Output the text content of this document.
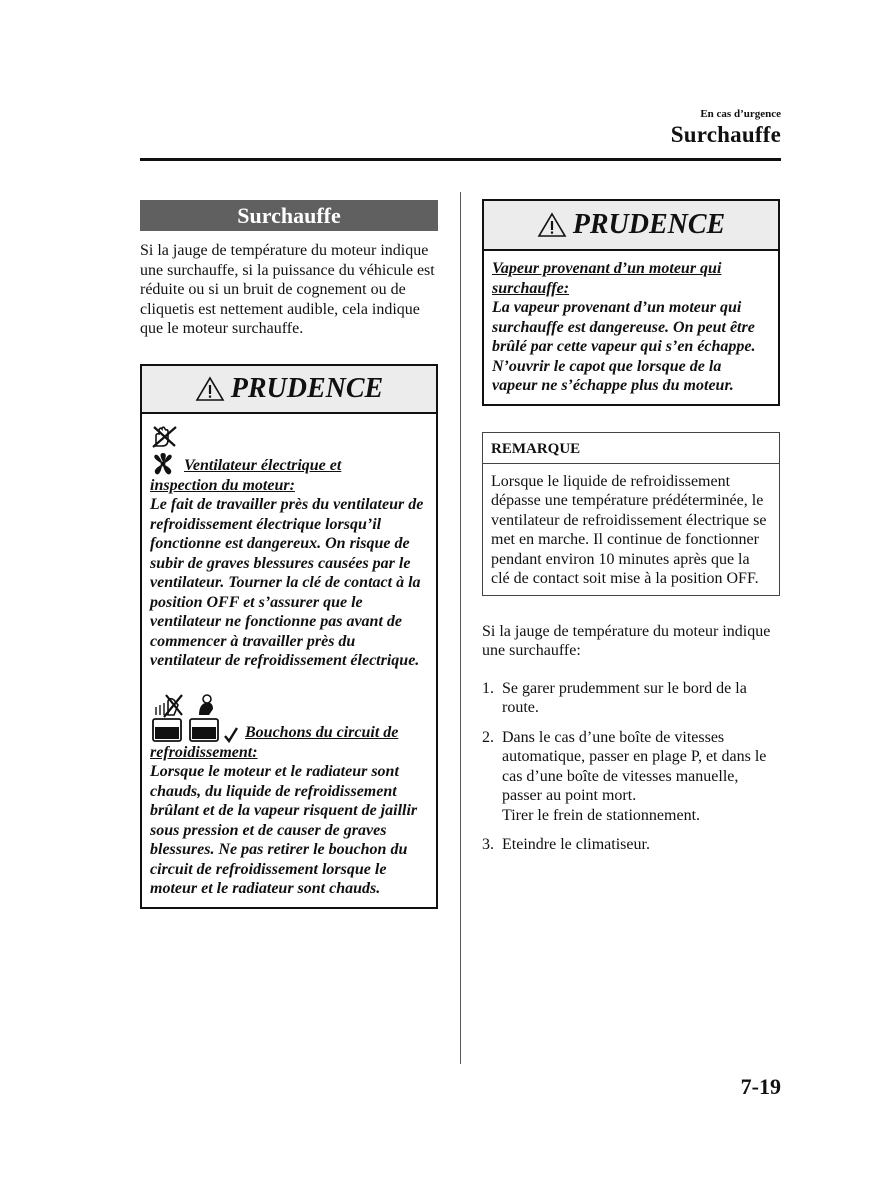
En cas d’urgence
Surchauffe
Surchauffe

Si la jauge de température du moteur indique une surchauffe, si la puissance du véhicule est réduite ou si un bruit de cognement ou de cliquetis est nettement audible, cela indique que le moteur surchauffe.

PRUDENCE
Ventilateur électrique et
inspection du moteur:
Le fait de travailler près du ventilateur de refroidissement électrique lorsqu’il fonctionne est dangereux. On risque de subir de graves blessures causées par le ventilateur. Tourner la clé de contact à la position OFF et s’assurer que le ventilateur ne fonctionne pas avant de commencer à travailler près du ventilateur de refroidissement électrique.
Bouchons du circuit de
refroidissement:
Lorsque le moteur et le radiateur sont chauds, du liquide de refroidissement brûlant et de la vapeur risquent de jaillir sous pression et de causer de graves blessures. Ne pas retirer le bouchon du circuit de refroidissement lorsque le moteur et le radiateur sont chauds.
PRUDENCE
Vapeur provenant d’un moteur qui surchauffe:
La vapeur provenant d’un moteur qui surchauffe est dangereuse. On peut être brûlé par cette vapeur qui s’en échappe. N’ouvrir le capot que lorsque de la vapeur ne s’échappe plus du moteur.
REMARQUE
Lorsque le liquide de refroidissement dépasse une température prédéterminée, le ventilateur de refroidissement électrique se met en marche. Il continue de fonctionner pendant environ 10 minutes après que la clé de contact soit mise à la position OFF.

Si la jauge de température du moteur indique une surchauffe:

1. Se garer prudemment sur le bord de la route.
2. Dans le cas d’une boîte de vitesses automatique, passer en plage P, et dans le cas d’une boîte de vitesses manuelle, passer au point mort.
Tirer le frein de stationnement.
3. Eteindre le climatiseur.
7-19
